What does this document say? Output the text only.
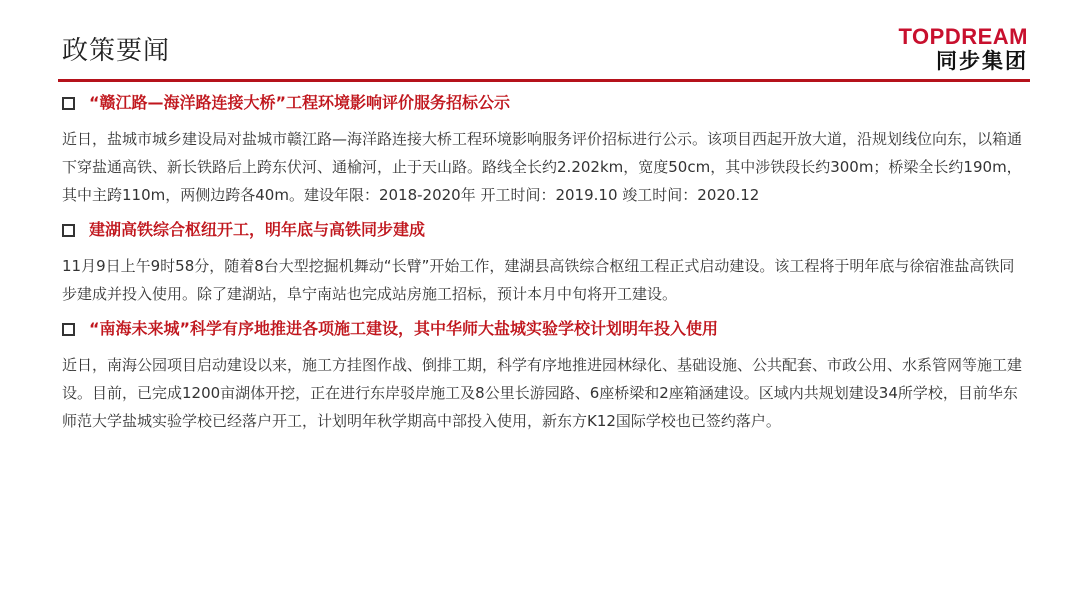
政策要闻	TOPDREAM
同步集团
“赣江路—海洋路连接大桥”工程环境影响评价服务招标公示

近日，盐城市城乡建设局对盐城市赣江路—海洋路连接大桥工程环境影响服务评价招标进行公示。该项目西起开放大道，沿规划线位向东，以箱通下穿盐通高铁、新长铁路后上跨东伏河、通榆河，止于天山路。路线全长约2.202km，宽度50cm，其中涉铁段长约300m；桥梁全长约190m，其中主跨110m，两侧边跨各40m。建设年限：2018-2020年 开工时间：2019.10 竣工时间：2020.12

建湖高铁综合枢纽开工，明年底与高铁同步建成

11月9日上午9时58分，随着8台大型挖掘机舞动“长臂”开始工作，建湖县高铁综合枢纽工程正式启动建设。该工程将于明年底与徐宿淮盐高铁同步建成并投入使用。除了建湖站，阜宁南站也完成站房施工招标，预计本月中旬将开工建设。

“南海未来城”科学有序地推进各项施工建设，其中华师大盐城实验学校计划明年投入使用

近日，南海公园项目启动建设以来，施工方挂图作战、倒排工期，科学有序地推进园林绿化、基础设施、公共配套、市政公用、水系管网等施工建设。目前，已完成1200亩湖体开挖，正在进行东岸驳岸施工及8公里长游园路、6座桥梁和2座箱涵建设。区域内共规划建设34所学校，目前华东师范大学盐城实验学校已经落户开工，计划明年秋学期高中部投入使用，新东方K12国际学校也已签约落户。
